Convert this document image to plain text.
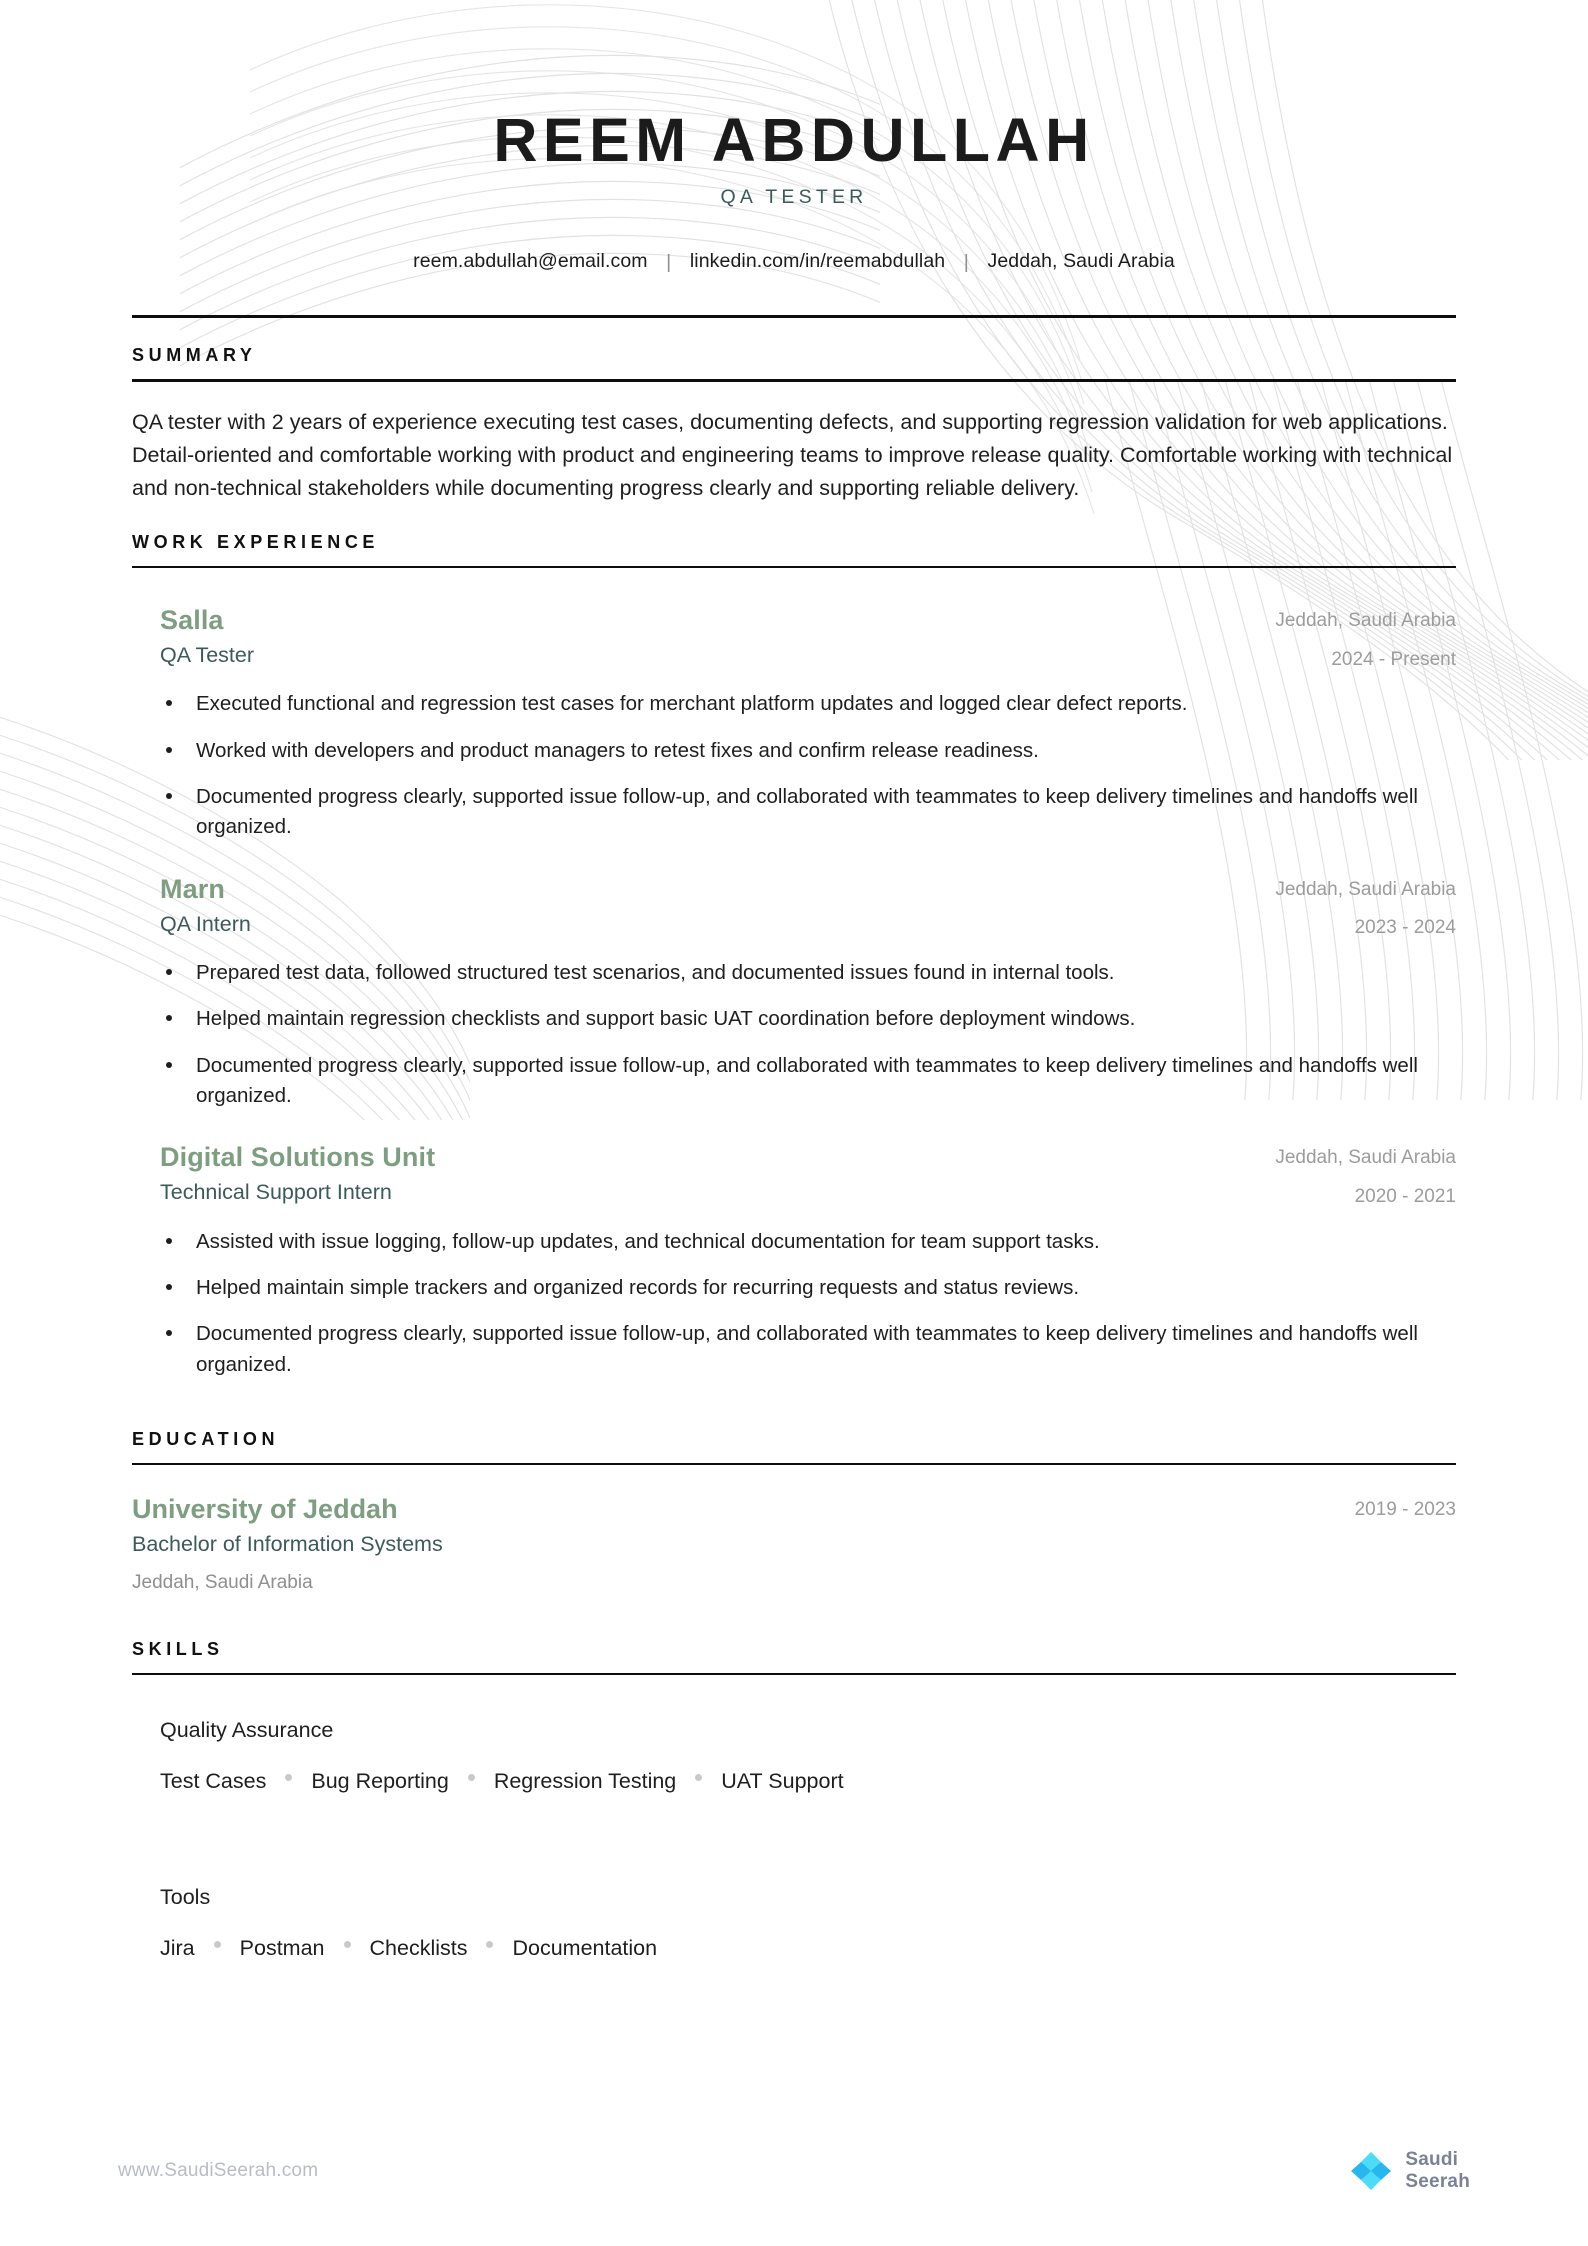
REEM ABDULLAH
QA TESTER
reem.abdullah@email.com | linkedin.com/in/reemabdullah | Jeddah, Saudi Arabia
SUMMARY

QA tester with 2 years of experience executing test cases, documenting defects, and supporting regression validation for web applications. Detail-oriented and comfortable working with product and engineering teams to improve release quality. Comfortable working with technical and non-technical stakeholders while documenting progress clearly and supporting reliable delivery.

WORK EXPERIENCE
Salla
QA Tester
Jeddah, Saudi Arabia
2024 - Present
Executed functional and regression test cases for merchant platform updates and logged clear defect reports.
Worked with developers and product managers to retest fixes and confirm release readiness.
Documented progress clearly, supported issue follow-up, and collaborated with teammates to keep delivery timelines and handoffs well organized.
Marn
QA Intern
Jeddah, Saudi Arabia
2023 - 2024
Prepared test data, followed structured test scenarios, and documented issues found in internal tools.
Helped maintain regression checklists and support basic UAT coordination before deployment windows.
Documented progress clearly, supported issue follow-up, and collaborated with teammates to keep delivery timelines and handoffs well organized.
Digital Solutions Unit
Technical Support Intern
Jeddah, Saudi Arabia
2020 - 2021
Assisted with issue logging, follow-up updates, and technical documentation for team support tasks.
Helped maintain simple trackers and organized records for recurring requests and status reviews.
Documented progress clearly, supported issue follow-up, and collaborated with teammates to keep delivery timelines and handoffs well organized.
EDUCATION
University of Jeddah
Bachelor of Information Systems
2019 - 2023
Jeddah, Saudi Arabia
SKILLS
Quality Assurance
Test Cases Bug Reporting Regression Testing UAT Support
Tools
Jira Postman Checklists Documentation
www.SaudiSeerah.com
Saudi
Seerah
